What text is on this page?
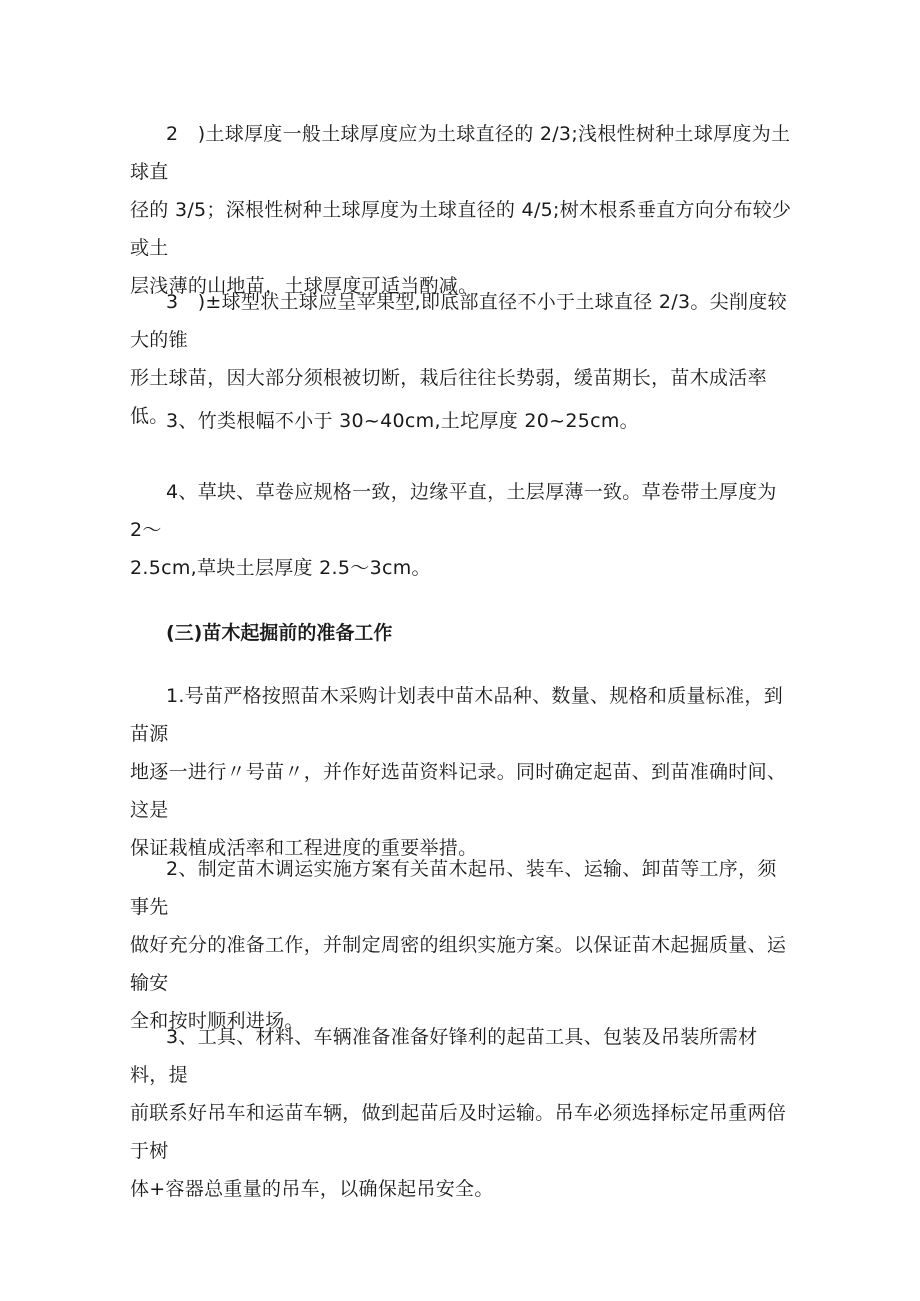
2　)土球厚度一般土球厚度应为土球直径的 2/3;浅根性树种土球厚度为土球直
径的 3/5；深根性树种土球厚度为土球直径的 4/5;树木根系垂直方向分布较少或土
层浅薄的山地苗，土球厚度可适当酌减。

3　)±球型状土球应呈苹果型,即底部直径不小于土球直径 2∕3。尖削度较大的锥
形土球苗，因大部分须根被切断，栽后往往长势弱，缓苗期长，苗木成活率低。

3、竹类根幅不小于 30~40cm,土坨厚度 20~25cm。

4、草块、草卷应规格一致，边缘平直，土层厚薄一致。草卷带土厚度为 2～
2.5cm,草块土层厚度 2.5～3cm。

(三)苗木起掘前的准备工作

1.号苗严格按照苗木采购计划表中苗木品种、数量、规格和质量标准，到苗源
地逐一进行〃号苗〃，并作好选苗资料记录。同时确定起苗、到苗准确时间、这是
保证栽植成活率和工程进度的重要举措。

2、制定苗木调运实施方案有关苗木起吊、装车、运输、卸苗等工序，须事先
做好充分的准备工作，并制定周密的组织实施方案。以保证苗木起掘质量、运输安
全和按时顺利进场。

3、工具、材料、车辆准备准备好锋利的起苗工具、包装及吊装所需材料，提
前联系好吊车和运苗车辆，做到起苗后及时运输。吊车必须选择标定吊重两倍于树
体+容器总重量的吊车，以确保起吊安全。
